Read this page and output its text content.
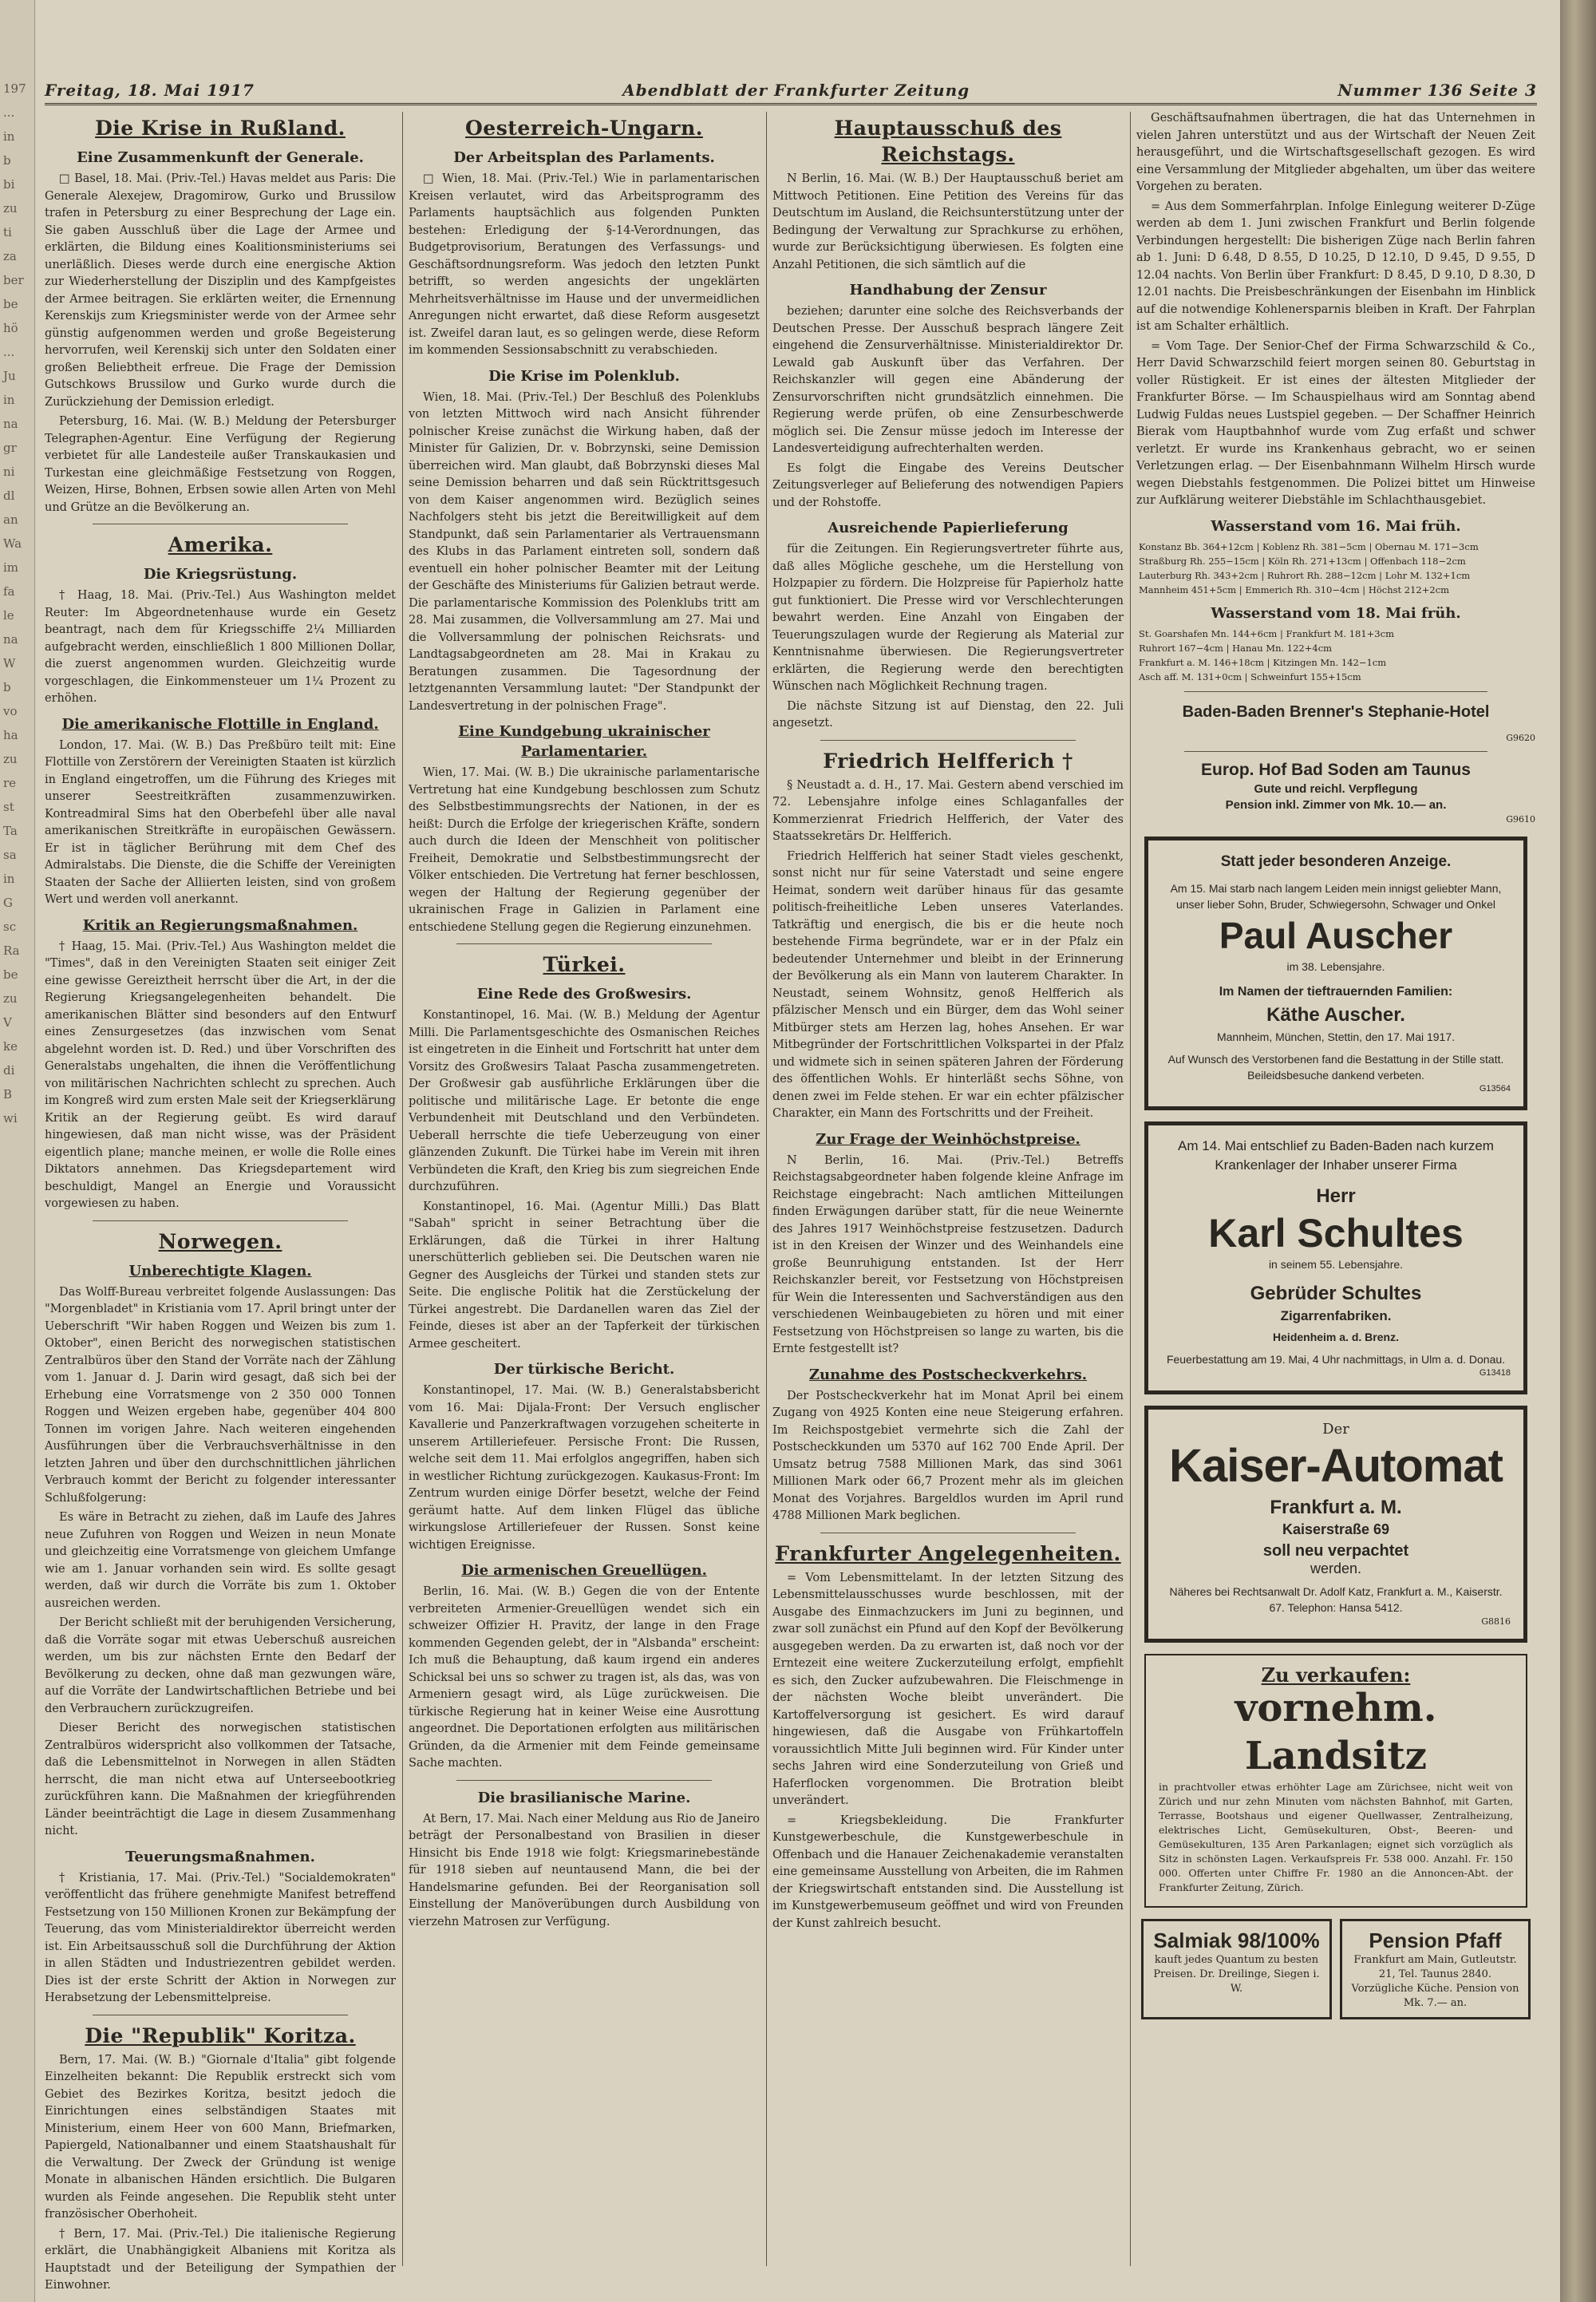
197
...
in
b
bi
zu
ti
za
ber
be
hö
...
Ju
in
na
gr
ni
dl
an
Wa
im
fa
le
na
W
b
vo
ha
zu
re
st
Ta
sa
in
G
sc
Ra
be
zu
V
ke
di
B
wi
Freitag, 18. Mai 1917	Abendblatt der Frankfurter Zeitung	Nummer 136 Seite 3
Die Krise in Rußland.
Eine Zusammenkunft der Generale.

□ Basel, 18. Mai. (Priv.-Tel.) Havas meldet aus Paris: Die Generale Alexejew, Dragomirow, Gurko und Brussilow trafen in Petersburg zu einer Besprechung der Lage ein. Sie gaben Ausschluß über die Lage der Armee und erklärten, die Bildung eines Koalitionsministeriums sei unerläßlich. Dieses werde durch eine energische Aktion zur Wiederherstellung der Disziplin und des Kampfgeistes der Armee beitragen. Sie erklärten weiter, die Ernennung Kerenskijs zum Kriegsminister werde von der Armee sehr günstig aufgenommen werden und große Begeisterung hervorrufen, weil Kerenskij sich unter den Soldaten einer großen Beliebtheit erfreue. Die Frage der Demission Gutschkows Brussilow und Gurko wurde durch die Zurückziehung der Demission erledigt.

Petersburg, 16. Mai. (W. B.) Meldung der Petersburger Telegraphen-Agentur. Eine Verfügung der Regierung verbietet für alle Landesteile außer Transkaukasien und Turkestan eine gleichmäßige Festsetzung von Roggen, Weizen, Hirse, Bohnen, Erbsen sowie allen Arten von Mehl und Grütze an die Bevölkerung an.

Amerika.
Die Kriegsrüstung.

† Haag, 18. Mai. (Priv.-Tel.) Aus Washington meldet Reuter: Im Abgeordnetenhause wurde ein Gesetz beantragt, nach dem für Kriegsschiffe 2¼ Milliarden aufgebracht werden, einschließlich 1 800 Millionen Dollar, die zuerst angenommen wurden. Gleichzeitig wurde vorgeschlagen, die Einkommensteuer um 1¼ Prozent zu erhöhen.

Die amerikanische Flottille in England.

London, 17. Mai. (W. B.) Das Preßbüro teilt mit: Eine Flottille von Zerstörern der Vereinigten Staaten ist kürzlich in England eingetroffen, um die Führung des Krieges mit unserer Seestreitkräften zusammenzuwirken. Kontreadmiral Sims hat den Oberbefehl über alle naval amerikanischen Streitkräfte in europäischen Gewässern. Er ist in täglicher Berührung mit dem Chef des Admiralstabs. Die Dienste, die die Schiffe der Vereinigten Staaten der Sache der Alliierten leisten, sind von großem Wert und werden voll anerkannt.

Kritik an Regierungsmaßnahmen.

† Haag, 15. Mai. (Priv.-Tel.) Aus Washington meldet die "Times", daß in den Vereinigten Staaten seit einiger Zeit eine gewisse Gereiztheit herrscht über die Art, in der die Regierung Kriegsangelegenheiten behandelt. Die amerikanischen Blätter sind besonders auf den Entwurf eines Zensurgesetzes (das inzwischen vom Senat abgelehnt worden ist. D. Red.) und über Vorschriften des Generalstabs ungehalten, die ihnen die Veröffentlichung von militärischen Nachrichten schlecht zu sprechen. Auch im Kongreß wird zum ersten Male seit der Kriegserklärung Kritik an der Regierung geübt. Es wird darauf hingewiesen, daß man nicht wisse, was der Präsident eigentlich plane; manche meinen, er wolle die Rolle eines Diktators annehmen. Das Kriegsdepartement wird beschuldigt, Mangel an Energie und Voraussicht vorgewiesen zu haben.

Norwegen.
Unberechtigte Klagen.

Das Wolff-Bureau verbreitet folgende Auslassungen: Das "Morgenbladet" in Kristiania vom 17. April bringt unter der Ueberschrift "Wir haben Roggen und Weizen bis zum 1. Oktober", einen Bericht des norwegischen statistischen Zentralbüros über den Stand der Vorräte nach der Zählung vom 1. Januar d. J. Darin wird gesagt, daß sich bei der Erhebung eine Vorratsmenge von 2 350 000 Tonnen Roggen und Weizen ergeben habe, gegenüber 404 800 Tonnen im vorigen Jahre. Nach weiteren eingehenden Ausführungen über die Verbrauchsverhältnisse in den letzten Jahren und über den durchschnittlichen jährlichen Verbrauch kommt der Bericht zu folgender interessanter Schlußfolgerung:

Es wäre in Betracht zu ziehen, daß im Laufe des Jahres neue Zufuhren von Roggen und Weizen in neun Monate und gleichzeitig eine Vorratsmenge von gleichem Umfange wie am 1. Januar vorhanden sein wird. Es sollte gesagt werden, daß wir durch die Vorräte bis zum 1. Oktober ausreichen werden.

Der Bericht schließt mit der beruhigenden Versicherung, daß die Vorräte sogar mit etwas Ueberschuß ausreichen werden, um bis zur nächsten Ernte den Bedarf der Bevölkerung zu decken, ohne daß man gezwungen wäre, auf die Vorräte der Landwirtschaftlichen Betriebe und bei den Verbrauchern zurückzugreifen.

Dieser Bericht des norwegischen statistischen Zentralbüros widerspricht also vollkommen der Tatsache, daß die Lebensmittelnot in Norwegen in allen Städten herrscht, die man nicht etwa auf Unterseebootkrieg zurückführen kann. Die Maßnahmen der kriegführenden Länder beeinträchtigt die Lage in diesem Zusammenhang nicht.

Teuerungsmaßnahmen.

† Kristiania, 17. Mai. (Priv.-Tel.) "Socialdemokraten" veröffentlicht das frühere genehmigte Manifest betreffend Festsetzung von 150 Millionen Kronen zur Bekämpfung der Teuerung, das vom Ministerialdirektor überreicht werden ist. Ein Arbeitsausschuß soll die Durchführung der Aktion in allen Städten und Industriezentren gebildet werden. Dies ist der erste Schritt der Aktion in Norwegen zur Herabsetzung der Lebensmittelpreise.

Die "Republik" Koritza.

Bern, 17. Mai. (W. B.) "Giornale d'Italia" gibt folgende Einzelheiten bekannt: Die Republik erstreckt sich vom Gebiet des Bezirkes Koritza, besitzt jedoch die Einrichtungen eines selbständigen Staates mit Ministerium, einem Heer von 600 Mann, Briefmarken, Papiergeld, Nationalbanner und einem Staatshaushalt für die Verwaltung. Der Zweck der Gründung ist wenige Monate in albanischen Händen ersichtlich. Die Bulgaren wurden als Feinde angesehen. Die Republik steht unter französischer Oberhoheit.

† Bern, 17. Mai. (Priv.-Tel.) Die italienische Regierung erklärt, die Unabhängigkeit Albaniens mit Koritza als Hauptstadt und der Beteiligung der Sympathien der Einwohner.

Oesterreich-Ungarn.
Der Arbeitsplan des Parlaments.

□ Wien, 18. Mai. (Priv.-Tel.) Wie in parlamentarischen Kreisen verlautet, wird das Arbeitsprogramm des Parlaments hauptsächlich aus folgenden Punkten bestehen: Erledigung der §-14-Verordnungen, das Budgetprovisorium, Beratungen des Verfassungs- und Geschäftsordnungsreform. Was jedoch den letzten Punkt betrifft, so werden angesichts der ungeklärten Mehrheitsverhältnisse im Hause und der unvermeidlichen Anregungen nicht erwartet, daß diese Reform ausgesetzt ist. Zweifel daran laut, es so gelingen werde, diese Reform im kommenden Sessionsabschnitt zu verabschieden.

Die Krise im Polenklub.

Wien, 18. Mai. (Priv.-Tel.) Der Beschluß des Polenklubs von letzten Mittwoch wird nach Ansicht führender polnischer Kreise zunächst die Wirkung haben, daß der Minister für Galizien, Dr. v. Bobrzynski, seine Demission überreichen wird. Man glaubt, daß Bobrzynski dieses Mal seine Demission beharren und daß sein Rücktrittsgesuch von dem Kaiser angenommen wird. Bezüglich seines Nachfolgers steht bis jetzt die Bereitwilligkeit auf dem Standpunkt, daß sein Parlamentarier als Vertrauensmann des Klubs in das Parlament eintreten soll, sondern daß eventuell ein hoher polnischer Beamter mit der Leitung der Geschäfte des Ministeriums für Galizien betraut werde. Die parlamentarische Kommission des Polenklubs tritt am 28. Mai zusammen, die Vollversammlung am 27. Mai und die Vollversammlung der polnischen Reichsrats- und Landtagsabgeordneten am 28. Mai in Krakau zu Beratungen zusammen. Die Tagesordnung der letztgenannten Versammlung lautet: "Der Standpunkt der Landesvertretung in der polnischen Frage".

Eine Kundgebung ukrainischer Parlamentarier.

Wien, 17. Mai. (W. B.) Die ukrainische parlamentarische Vertretung hat eine Kundgebung beschlossen zum Schutz des Selbstbestimmungsrechts der Nationen, in der es heißt: Durch die Erfolge der kriegerischen Kräfte, sondern auch durch die Ideen der Menschheit von politischer Freiheit, Demokratie und Selbstbestimmungsrecht der Völker entschieden. Die Vertretung hat ferner beschlossen, wegen der Haltung der Regierung gegenüber der ukrainischen Frage in Galizien in Parlament eine entschiedene Stellung gegen die Regierung einzunehmen.

Türkei.
Eine Rede des Großwesirs.

Konstantinopel, 16. Mai. (W. B.) Meldung der Agentur Milli. Die Parlamentsgeschichte des Osmanischen Reiches ist eingetreten in die Einheit und Fortschritt hat unter dem Vorsitz des Großwesirs Talaat Pascha zusammengetreten. Der Großwesir gab ausführliche Erklärungen über die politische und militärische Lage. Er betonte die enge Verbundenheit mit Deutschland und den Verbündeten. Ueberall herrschte die tiefe Ueberzeugung von einer glänzenden Zukunft. Die Türkei habe im Verein mit ihren Verbündeten die Kraft, den Krieg bis zum siegreichen Ende durchzuführen.

Konstantinopel, 16. Mai. (Agentur Milli.) Das Blatt "Sabah" spricht in seiner Betrachtung über die Erklärungen, daß die Türkei in ihrer Haltung unerschütterlich geblieben sei. Die Deutschen waren nie Gegner des Ausgleichs der Türkei und standen stets zur Seite. Die englische Politik hat die Zerstückelung der Türkei angestrebt. Die Dardanellen waren das Ziel der Feinde, dieses ist aber an der Tapferkeit der türkischen Armee gescheitert.

Der türkische Bericht.

Konstantinopel, 17. Mai. (W. B.) Generalstabsbericht vom 16. Mai: Dijala-Front: Der Versuch englischer Kavallerie und Panzerkraftwagen vorzugehen scheiterte in unserem Artilleriefeuer. Persische Front: Die Russen, welche seit dem 11. Mai erfolglos angegriffen, haben sich in westlicher Richtung zurückgezogen. Kaukasus-Front: Im Zentrum wurden einige Dörfer besetzt, welche der Feind geräumt hatte. Auf dem linken Flügel das übliche wirkungslose Artilleriefeuer der Russen. Sonst keine wichtigen Ereignisse.

Die armenischen Greuellügen.

Berlin, 16. Mai. (W. B.) Gegen die von der Entente verbreiteten Armenier-Greuellügen wendet sich ein schweizer Offizier H. Pravitz, der lange in den Frage kommenden Gegenden gelebt, der in "Alsbanda" erscheint: Ich muß die Behauptung, daß kaum irgend ein anderes Schicksal bei uns so schwer zu tragen ist, als das, was von Armeniern gesagt wird, als Lüge zurückweisen. Die türkische Regierung hat in keiner Weise eine Ausrottung angeordnet. Die Deportationen erfolgten aus militärischen Gründen, da die Armenier mit dem Feinde gemeinsame Sache machten.

Die brasilianische Marine.

At Bern, 17. Mai. Nach einer Meldung aus Rio de Janeiro beträgt der Personalbestand von Brasilien in dieser Hinsicht bis Ende 1918 wie folgt: Kriegsmarinebestände für 1918 sieben auf neuntausend Mann, die bei der Handelsmarine gefunden. Bei der Reorganisation soll Einstellung der Manöverübungen durch Ausbildung von vierzehn Matrosen zur Verfügung.

Hauptausschuß des Reichstags.

N Berlin, 16. Mai. (W. B.) Der Hauptausschuß beriet am Mittwoch Petitionen. Eine Petition des Vereins für das Deutschtum im Ausland, die Reichsunterstützung unter der Bedingung der Verwaltung zur Sprachkurse zu erhöhen, wurde zur Berücksichtigung überwiesen. Es folgten eine Anzahl Petitionen, die sich sämtlich auf die

Handhabung der Zensur

beziehen; darunter eine solche des Reichsverbands der Deutschen Presse. Der Ausschuß besprach längere Zeit eingehend die Zensurverhältnisse. Ministerialdirektor Dr. Lewald gab Auskunft über das Verfahren. Der Reichskanzler will gegen eine Abänderung der Zensurvorschriften nicht grundsätzlich einnehmen. Die Regierung werde prüfen, ob eine Zensurbeschwerde möglich sei. Die Zensur müsse jedoch im Interesse der Landesverteidigung aufrechterhalten werden.

Es folgt die Eingabe des Vereins Deutscher Zeitungsverleger auf Belieferung des notwendigen Papiers und der Rohstoffe.

Ausreichende Papierlieferung

für die Zeitungen. Ein Regierungsvertreter führte aus, daß alles Mögliche geschehe, um die Herstellung von Holzpapier zu fördern. Die Holzpreise für Papierholz hatte gut funktioniert. Die Presse wird vor Verschlechterungen bewahrt werden. Eine Anzahl von Eingaben der Teuerungszulagen wurde der Regierung als Material zur Kenntnisnahme überwiesen. Die Regierungsvertreter erklärten, die Regierung werde den berechtigten Wünschen nach Möglichkeit Rechnung tragen.

Die nächste Sitzung ist auf Dienstag, den 22. Juli angesetzt.

Friedrich Helfferich †

§ Neustadt a. d. H., 17. Mai. Gestern abend verschied im 72. Lebensjahre infolge eines Schlaganfalles der Kommerzienrat Friedrich Helfferich, der Vater des Staatssekretärs Dr. Helfferich.

Friedrich Helfferich hat seiner Stadt vieles geschenkt, sonst nicht nur für seine Vaterstadt und seine engere Heimat, sondern weit darüber hinaus für das gesamte politisch-freiheitliche Leben unseres Vaterlandes. Tatkräftig und energisch, die bis er die heute noch bestehende Firma begründete, war er in der Pfalz ein bedeutender Unternehmer und bleibt in der Erinnerung der Bevölkerung als ein Mann von lauterem Charakter. In Neustadt, seinem Wohnsitz, genoß Helfferich als pfälzischer Mensch und ein Bürger, dem das Wohl seiner Mitbürger stets am Herzen lag, hohes Ansehen. Er war Mitbegründer der Fortschrittlichen Volkspartei in der Pfalz und widmete sich in seinen späteren Jahren der Förderung des öffentlichen Wohls. Er hinterläßt sechs Söhne, von denen zwei im Felde stehen. Er war ein echter pfälzischer Charakter, ein Mann des Fortschritts und der Freiheit.

Zur Frage der Weinhöchstpreise.

N Berlin, 16. Mai. (Priv.-Tel.) Betreffs Reichstagsabgeordneter haben folgende kleine Anfrage im Reichstage eingebracht: Nach amtlichen Mitteilungen finden Erwägungen darüber statt, für die neue Weinernte des Jahres 1917 Weinhöchstpreise festzusetzen. Dadurch ist in den Kreisen der Winzer und des Weinhandels eine große Beunruhigung entstanden. Ist der Herr Reichskanzler bereit, vor Festsetzung von Höchstpreisen für Wein die Interessenten und Sachverständigen aus den verschiedenen Weinbaugebieten zu hören und mit einer Festsetzung von Höchstpreisen so lange zu warten, bis die Ernte festgestellt ist?

Zunahme des Postscheckverkehrs.

Der Postscheckverkehr hat im Monat April bei einem Zugang von 4925 Konten eine neue Steigerung erfahren. Im Reichspostgebiet vermehrte sich die Zahl der Postscheckkunden um 5370 auf 162 700 Ende April. Der Umsatz betrug 7588 Millionen Mark, das sind 3061 Millionen Mark oder 66,7 Prozent mehr als im gleichen Monat des Vorjahres. Bargeldlos wurden im April rund 4788 Millionen Mark beglichen.

Frankfurter Angelegenheiten.

= Vom Lebensmittelamt. In der letzten Sitzung des Lebensmittelausschusses wurde beschlossen, mit der Ausgabe des Einmachzuckers im Juni zu beginnen, und zwar soll zunächst ein Pfund auf den Kopf der Bevölkerung ausgegeben werden. Da zu erwarten ist, daß noch vor der Erntezeit eine weitere Zuckerzuteilung erfolgt, empfiehlt es sich, den Zucker aufzubewahren. Die Fleischmenge in der nächsten Woche bleibt unverändert. Die Kartoffelversorgung ist gesichert. Es wird darauf hingewiesen, daß die Ausgabe von Frühkartoffeln voraussichtlich Mitte Juli beginnen wird. Für Kinder unter sechs Jahren wird eine Sonderzuteilung von Grieß und Haferflocken vorgenommen. Die Brotration bleibt unverändert.

= Kriegsbekleidung. Die Frankfurter Kunstgewerbeschule, die Kunstgewerbeschule in Offenbach und die Hanauer Zeichenakademie veranstalten eine gemeinsame Ausstellung von Arbeiten, die im Rahmen der Kriegswirtschaft entstanden sind. Die Ausstellung ist im Kunstgewerbemuseum geöffnet und wird von Freunden der Kunst zahlreich besucht.

Geschäftsaufnahmen übertragen, die hat das Unternehmen in vielen Jahren unterstützt und aus der Wirtschaft der Neuen Zeit herausgeführt, und die Wirtschaftsgesellschaft gezogen. Es wird eine Versammlung der Mitglieder abgehalten, um über das weitere Vorgehen zu beraten.

= Aus dem Sommerfahrplan. Infolge Einlegung weiterer D-Züge werden ab dem 1. Juni zwischen Frankfurt und Berlin folgende Verbindungen hergestellt: Die bisherigen Züge nach Berlin fahren ab 1. Juni: D 6.48, D 8.55, D 10.25, D 12.10, D 9.45, D 9.55, D 12.04 nachts. Von Berlin über Frankfurt: D 8.45, D 9.10, D 8.30, D 12.01 nachts. Die Preisbeschränkungen der Eisenbahn im Hinblick auf die notwendige Kohlenersparnis bleiben in Kraft. Der Fahrplan ist am Schalter erhältlich.

= Vom Tage. Der Senior-Chef der Firma Schwarzschild & Co., Herr David Schwarzschild feiert morgen seinen 80. Geburtstag in voller Rüstigkeit. Er ist eines der ältesten Mitglieder der Frankfurter Börse. — Im Schauspielhaus wird am Sonntag abend Ludwig Fuldas neues Lustspiel gegeben. — Der Schaffner Heinrich Bierak vom Hauptbahnhof wurde vom Zug erfaßt und schwer verletzt. Er wurde ins Krankenhaus gebracht, wo er seinen Verletzungen erlag. — Der Eisenbahnmann Wilhelm Hirsch wurde wegen Diebstahls festgenommen. Die Polizei bittet um Hinweise zur Aufklärung weiterer Diebstähle im Schlachthausgebiet.

Wasserstand vom 16. Mai früh.
Konstanz Bb. 364+12cm | Koblenz Rh. 381−5cm | Obernau M. 171−3cm
Straßburg Rh. 255−15cm | Köln Rh. 271+13cm | Offenbach 118−2cm
Lauterburg Rh. 343+2cm | Ruhrort Rh. 288−12cm | Lohr M. 132+1cm
Mannheim 451+5cm | Emmerich Rh. 310−4cm | Höchst 212+2cm
Wasserstand vom 18. Mai früh.
St. Goarshafen Mn. 144+6cm | Frankfurt M. 181+3cm
Ruhrort 167−4cm | Hanau Mn. 122+4cm
Frankfurt a. M. 146+18cm | Kitzingen Mn. 142−1cm
Asch aff. M. 131+0cm | Schweinfurt 155+15cm
Baden-Baden Brenner's Stephanie-Hotel
G9620
Europ. Hof Bad Soden am Taunus
Gute und reichl. Verpflegung
Pension inkl. Zimmer von Mk. 10.— an.
G9610
Statt jeder besonderen Anzeige.
Am 15. Mai starb nach langem Leiden mein innigst geliebter Mann, unser lieber Sohn, Bruder, Schwiegersohn, Schwager und Onkel
Paul Auscher
im 38. Lebensjahre.
Im Namen der tieftrauernden Familien:
Käthe Auscher.
Mannheim, München, Stettin, den 17. Mai 1917.
Auf Wunsch des Verstorbenen fand die Bestattung in der Stille statt. Beileidsbesuche dankend verbeten.
G13564
Am 14. Mai entschlief zu Baden-Baden nach kurzem Krankenlager der Inhaber unserer Firma
Herr
Karl Schultes
in seinem 55. Lebensjahre.
Gebrüder Schultes
Zigarrenfabriken.
Heidenheim a. d. Brenz.
Feuerbestattung am 19. Mai, 4 Uhr nachmittags, in Ulm a. d. Donau.
G13418
Der
Kaiser-Automat
Frankfurt a. M.
Kaiserstraße 69
soll neu verpachtet
werden.
Näheres bei Rechtsanwalt Dr. Adolf Katz, Frankfurt a. M., Kaiserstr. 67. Telephon: Hansa 5412.
G8816
Zu verkaufen:
vornehm. Landsitz
in prachtvoller etwas erhöhter Lage am Zürichsee, nicht weit von Zürich und nur zehn Minuten vom nächsten Bahnhof, mit Garten, Terrasse, Bootshaus und eigener Quellwasser, Zentralheizung, elektrisches Licht, Gemüsekulturen, Obst-, Beeren- und Gemüsekulturen, 135 Aren Parkanlagen; eignet sich vorzüglich als Sitz in schönsten Lagen. Verkaufspreis Fr. 538 000. Anzahl. Fr. 150 000. Offerten unter Chiffre Fr. 1980 an die Annoncen-Abt. der Frankfurter Zeitung, Zürich.
Salmiak 98/100%
kauft jedes Quantum zu besten Preisen. Dr. Dreilinge, Siegen i. W.
Pension Pfaff
Frankfurt am Main, Gutleutstr. 21, Tel. Taunus 2840. Vorzügliche Küche. Pension von Mk. 7.— an.
